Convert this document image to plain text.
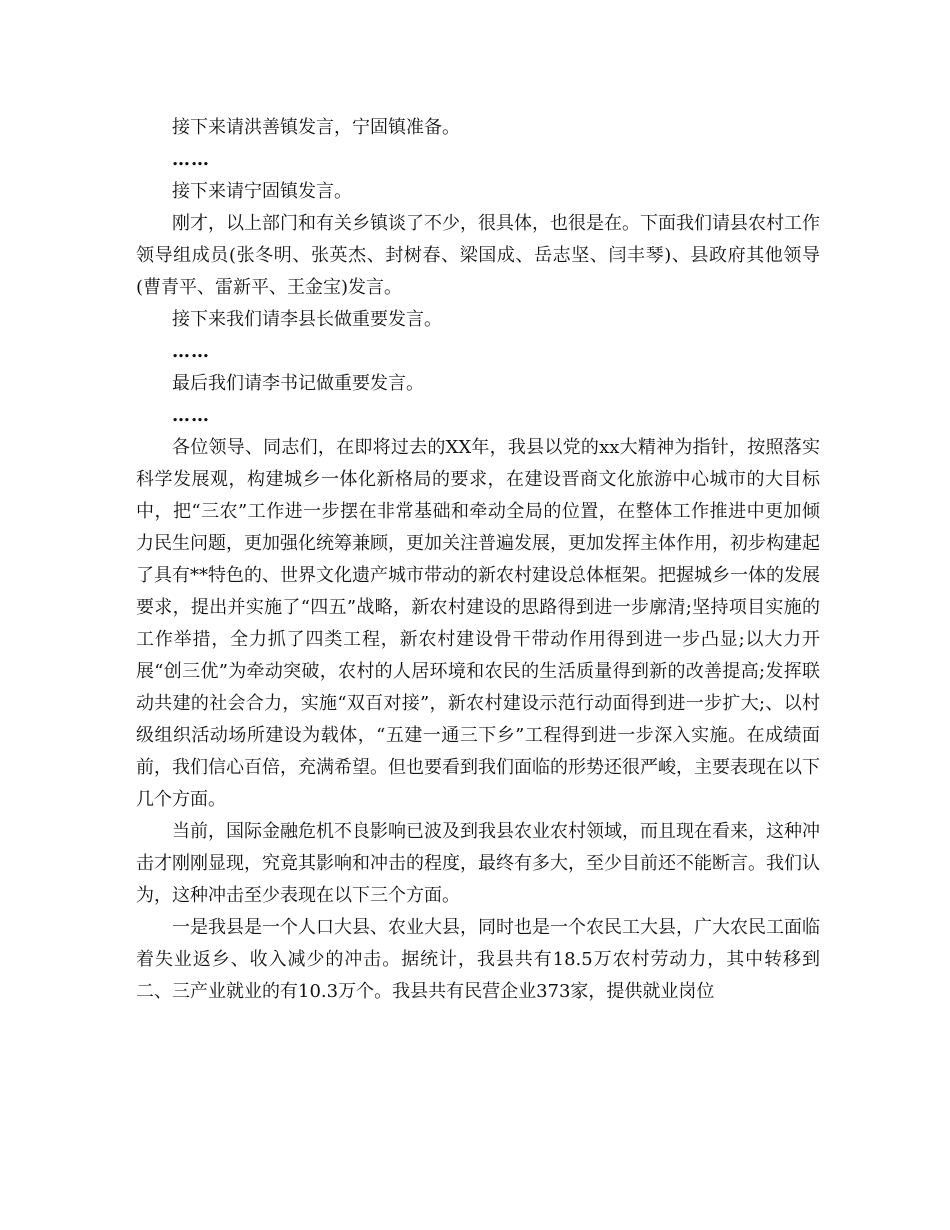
接下来请洪善镇发言，宁固镇准备。

……

接下来请宁固镇发言。

刚才，以上部门和有关乡镇谈了不少，很具体，也很是在。下面我们请县农村工作领导组成员(张冬明、张英杰、封树春、梁国成、岳志坚、闫丰琴)、县政府其他领导(曹青平、雷新平、王金宝)发言。

接下来我们请李县长做重要发言。

……

最后我们请李书记做重要发言。

……

各位领导、同志们，在即将过去的XX年，我县以党的xx大精神为指针，按照落实科学发展观，构建城乡一体化新格局的要求，在建设晋商文化旅游中心城市的大目标中，把“三农”工作进一步摆在非常基础和牵动全局的位置，在整体工作推进中更加倾力民生问题，更加强化统筹兼顾，更加关注普遍发展，更加发挥主体作用，初步构建起了具有**特色的、世界文化遗产城市带动的新农村建设总体框架。把握城乡一体的发展要求，提出并实施了“四五”战略，新农村建设的思路得到进一步廓清;坚持项目实施的工作举措，全力抓了四类工程，新农村建设骨干带动作用得到进一步凸显;以大力开展“创三优”为牵动突破，农村的人居环境和农民的生活质量得到新的改善提高;发挥联动共建的社会合力，实施“双百对接”，新农村建设示范行动面得到进一步扩大;、以村级组织活动场所建设为载体，“五建一通三下乡”工程得到进一步深入实施。在成绩面前，我们信心百倍，充满希望。但也要看到我们面临的形势还很严峻，主要表现在以下几个方面。

当前，国际金融危机不良影响已波及到我县农业农村领域，而且现在看来，这种冲击才刚刚显现，究竟其影响和冲击的程度，最终有多大，至少目前还不能断言。我们认为，这种冲击至少表现在以下三个方面。

一是我县是一个人口大县、农业大县，同时也是一个农民工大县，广大农民工面临着失业返乡、收入减少的冲击。据统计，我县共有18.5万农村劳动力，其中转移到二、三产业就业的有10.3万个。我县共有民营企业373家，提供就业岗位
